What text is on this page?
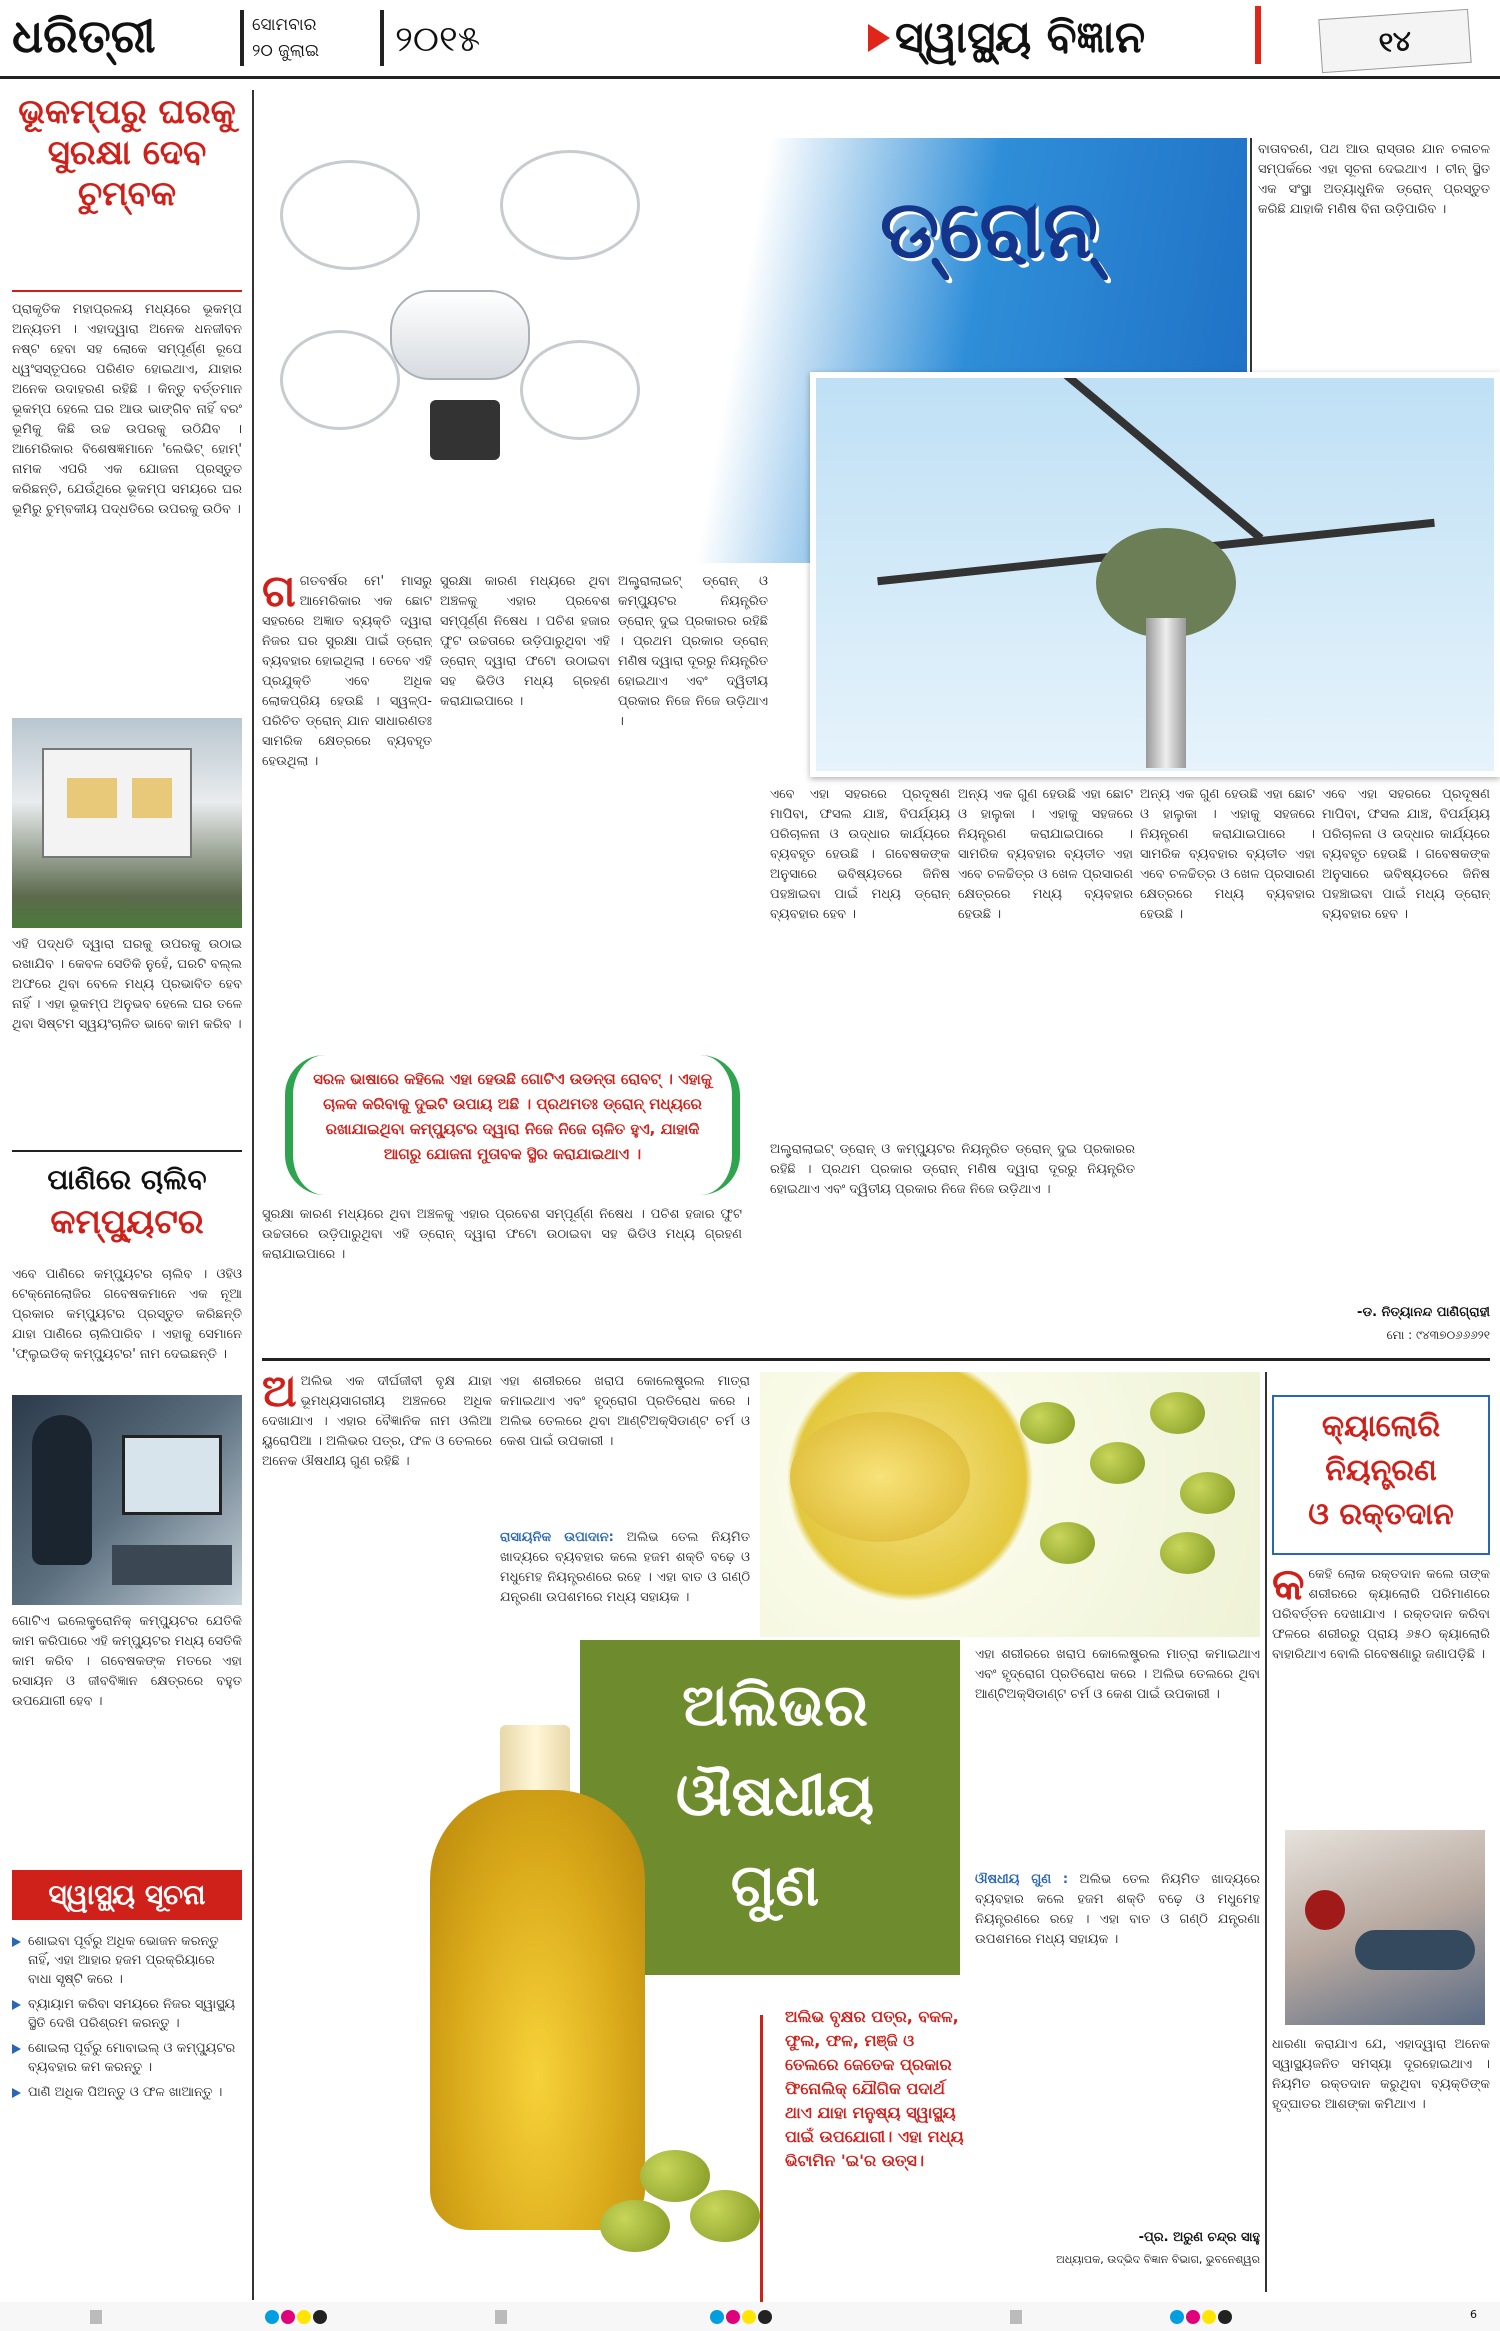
ଧରିତ୍ରୀ	ସୋମବାର
୨୦ ଜୁଲାଇ	୨୦୧୫	ସ୍ୱାସ୍ଥ୍ୟ ବିଜ୍ଞାନ	୧୪
ଭୂକମ୍ପରୁ ଘରକୁ ସୁରକ୍ଷା ଦେବ ଚୁମ୍ବକ

ପ୍ରାକୃତିକ ମହାପ୍ରଳୟ ମଧ୍ୟରେ ଭୂକମ୍ପ ଅନ୍ୟତମ । ଏହାଦ୍ୱାରା ଅନେକ ଧନଜୀବନ ନଷ୍ଟ ହେବା ସହ ଲୋକେ ସମ୍ପୂର୍ଣ୍ଣ ରୂପେ ଧ୍ୱଂସସ୍ତୂପରେ ପରିଣତ ହୋଇଥାଏ, ଯାହାର ଅନେକ ଉଦାହରଣ ରହିଛି । କିନ୍ତୁ ବର୍ତ୍ତମାନ ଭୂକମ୍ପ ହେଲେ ଘର ଆଉ ଭାଙ୍ଗିବ ନାହିଁ ବରଂ ଭୂମିକୁ କିଛି ଉଚ୍ଚ ଉପରକୁ ଉଠିଯିବ । ଆମେରିକାର ବିଶେଷଜ୍ଞମାନେ 'ଲେଭିଟ୍ ହୋମ୍' ନାମକ ଏପରି ଏକ ଯୋଜନା ପ୍ରସ୍ତୁତ କରିଛନ୍ତି, ଯେଉଁଥିରେ ଭୂକମ୍ପ ସମୟରେ ଘର ଭୂମିରୁ ଚୁମ୍ବକୀୟ ପଦ୍ଧତିରେ ଉପରକୁ ଉଠିବ ।

ଏହି ପଦ୍ଧତି ଦ୍ୱାରା ଘରକୁ ଉପରକୁ ଉଠାଇ ରଖାଯିବ । କେବଳ ସେତିକି ନୁହେଁ, ଘରଟି ବଲ୍ଲ ଅଫରେ ଥିବା ବେଳେ ମଧ୍ୟ ପ୍ରଭାବିତ ହେବ ନାହିଁ । ଏହା ଭୂକମ୍ପ ଅନୁଭବ ହେଲେ ଘର ତଳେ ଥିବା ସିଷ୍ଟମ ସ୍ୱୟଂଚାଳିତ ଭାବେ କାମ କରିବ ।

ପାଣିରେ ଚାଲିବ
କମ୍ପ୍ୟୁଟର

ଏବେ ପାଣିରେ କମ୍ପ୍ୟୁଟର ଚାଲିବ । ଓହିଓ ଟେକ୍ନୋଲୋଜିର ଗବେଷକମାନେ ଏକ ନୂଆ ପ୍ରକାର କମ୍ପ୍ୟୁଟର ପ୍ରସ୍ତୁତ କରିଛନ୍ତି ଯାହା ପାଣିରେ ଚାଲିପାରିବ । ଏହାକୁ ସେମାନେ 'ଫ୍ଲୁଇଡିକ୍ କମ୍ପ୍ୟୁଟର' ନାମ ଦେଇଛନ୍ତି ।

ଗୋଟିଏ ଇଲେକ୍ଟ୍ରୋନିକ୍ କମ୍ପ୍ୟୁଟର ଯେତିକି କାମ କରିପାରେ ଏହି କମ୍ପ୍ୟୁଟର ମଧ୍ୟ ସେତିକି କାମ କରିବ । ଗବେଷକଙ୍କ ମତରେ ଏହା ରସାୟନ ଓ ଜୀବବିଜ୍ଞାନ କ୍ଷେତ୍ରରେ ବହୁତ ଉପଯୋଗୀ ହେବ ।

ସ୍ୱାସ୍ଥ୍ୟ ସୂଚନା
ଶୋଇବା ପୂର୍ବରୁ ଅଧିକ ଭୋଜନ କରନ୍ତୁ ନାହିଁ, ଏହା ଆହାର ହଜମ ପ୍ରକ୍ରିୟାରେ ବାଧା ସୃଷ୍ଟି କରେ ।
ବ୍ୟାୟାମ କରିବା ସମୟରେ ନିଜର ସ୍ୱାସ୍ଥ୍ୟ ସ୍ଥିତି ଦେଖି ପରିଶ୍ରମ କରନ୍ତୁ ।
ଶୋଇଲା ପୂର୍ବରୁ ମୋବାଇଲ୍ ଓ କମ୍ପ୍ୟୁଟର ବ୍ୟବହାର କମ କରନ୍ତୁ ।
ପାଣି ଅଧିକ ପିଅନ୍ତୁ ଓ ଫଳ ଖାଆନ୍ତୁ ।
ଡ୍ରୋନ୍

ବାତାବରଣ, ପଥ ଆଉ ରାସ୍ତାର ଯାନ ଚଳାଚଳ ସମ୍ପର୍କରେ ଏହା ସୂଚନା ଦେଇଥାଏ । ଚୀନ୍ ସ୍ଥିତ ଏକ ସଂସ୍ଥା ଅତ୍ୟାଧୁନିକ ଡ୍ରୋନ୍ ପ୍ରସ୍ତୁତ କରିଛି ଯାହାକି ମଣିଷ ବିନା ଉଡ଼ିପାରିବ ।

ଗଗତବର୍ଷର ମେ' ମାସରୁ ଆମେରିକାର ଏକ ଛୋଟ ସହରରେ ଅଜ୍ଞାତ ବ୍ୟକ୍ତି ଦ୍ୱାରା ନିଜର ଘର ସୁରକ୍ଷା ପାଇଁ ଡ୍ରୋନ୍ ବ୍ୟବହାର ହୋଇଥିଲା । ତେବେ ଏହି ପ୍ରଯୁକ୍ତି ଏବେ ଅଧିକ ଲୋକପ୍ରିୟ ହେଉଛି । ସ୍ୱଳ୍ପ-ପରିଚିତ ଡ୍ରୋନ୍ ଯାନ ସାଧାରଣତଃ ସାମରିକ କ୍ଷେତ୍ରରେ ବ୍ୟବହୃତ ହେଉଥିଲା ।
ସୁରକ୍ଷା କାରଣ ମଧ୍ୟରେ ଥିବା ଅଞ୍ଚଳକୁ ଏହାର ପ୍ରବେଶ ସମ୍ପୂର୍ଣ୍ଣ ନିଷେଧ । ପଚିଶ ହଜାର ଫୁଟ ଉଚ୍ଚତାରେ ଉଡ଼ିପାରୁଥିବା ଏହି ଡ୍ରୋନ୍ ଦ୍ୱାରା ଫଟୋ ଉଠାଇବା ସହ ଭିଡିଓ ମଧ୍ୟ ଗ୍ରହଣ କରାଯାଇପାରେ ।
ଅଲ୍ଟ୍ରାଲାଇଟ୍ ଡ୍ରୋନ୍ ଓ କମ୍ପ୍ୟୁଟର ନିୟନ୍ତ୍ରିତ ଡ୍ରୋନ୍ ଦୁଇ ପ୍ରକାରର ରହିଛି । ପ୍ରଥମ ପ୍ରକାର ଡ୍ରୋନ୍ ମଣିଷ ଦ୍ୱାରା ଦୂରରୁ ନିୟନ୍ତ୍ରିତ ହୋଇଥାଏ ଏବଂ ଦ୍ୱିତୀୟ ପ୍ରକାର ନିଜେ ନିଜେ ଉଡ଼ିଥାଏ ।
ଏବେ ଏହା ସହରରେ ପ୍ରଦୂଷଣ ମାପିବା, ଫସଲ ଯାଞ୍ଚ, ବିପର୍ଯ୍ୟୟ ପରିଚାଳନା ଓ ଉଦ୍ଧାର କାର୍ଯ୍ୟରେ ବ୍ୟବହୃତ ହେଉଛି । ଗବେଷକଙ୍କ ଅନୁସାରେ ଭବିଷ୍ୟତରେ ଜିନିଷ ପହଞ୍ଚାଇବା ପାଇଁ ମଧ୍ୟ ଡ୍ରୋନ୍ ବ୍ୟବହାର ହେବ ।
ଅନ୍ୟ ଏକ ଗୁଣ ହେଉଛି ଏହା ଛୋଟ ଓ ହାଲୁକା । ଏହାକୁ ସହଜରେ ନିୟନ୍ତ୍ରଣ କରାଯାଇପାରେ । ସାମରିକ ବ୍ୟବହାର ବ୍ୟତୀତ ଏହା ଏବେ ଚଳଚ୍ଚିତ୍ର ଓ ଖେଳ ପ୍ରସାରଣ କ୍ଷେତ୍ରରେ ମଧ୍ୟ ବ୍ୟବହାର ହେଉଛି ।
ଅନ୍ୟ ଏକ ଗୁଣ ହେଉଛି ଏହା ଛୋଟ ଓ ହାଲୁକା । ଏହାକୁ ସହଜରେ ନିୟନ୍ତ୍ରଣ କରାଯାଇପାରେ । ସାମରିକ ବ୍ୟବହାର ବ୍ୟତୀତ ଏହା ଏବେ ଚଳଚ୍ଚିତ୍ର ଓ ଖେଳ ପ୍ରସାରଣ କ୍ଷେତ୍ରରେ ମଧ୍ୟ ବ୍ୟବହାର ହେଉଛି ।
ଏବେ ଏହା ସହରରେ ପ୍ରଦୂଷଣ ମାପିବା, ଫସଲ ଯାଞ୍ଚ, ବିପର୍ଯ୍ୟୟ ପରିଚାଳନା ଓ ଉଦ୍ଧାର କାର୍ଯ୍ୟରେ ବ୍ୟବହୃତ ହେଉଛି । ଗବେଷକଙ୍କ ଅନୁସାରେ ଭବିଷ୍ୟତରେ ଜିନିଷ ପହଞ୍ଚାଇବା ପାଇଁ ମଧ୍ୟ ଡ୍ରୋନ୍ ବ୍ୟବହାର ହେବ ।
ସରଳ ଭାଷାରେ କହିଲେ ଏହା ହେଉଛି ଗୋଟିଏ ଉଡନ୍ତା ରୋବଟ୍ । ଏହାକୁ ଚାଳକ କରିବାକୁ ଦୁଇଟି ଉପାୟ ଅଛି । ପ୍ରଥମତଃ ଡ୍ରୋନ୍ ମଧ୍ୟରେ ରଖାଯାଇଥିବା କମ୍ପ୍ୟୁଟର ଦ୍ୱାରା ନିଜେ ନିଜେ ଚାଳିତ ହୁଏ, ଯାହାକି ଆଗରୁ ଯୋଜନା ମୁତାବକ ସ୍ଥିର କରାଯାଇଥାଏ ।
ସୁରକ୍ଷା କାରଣ ମଧ୍ୟରେ ଥିବା ଅଞ୍ଚଳକୁ ଏହାର ପ୍ରବେଶ ସମ୍ପୂର୍ଣ୍ଣ ନିଷେଧ । ପଚିଶ ହଜାର ଫୁଟ ଉଚ୍ଚତାରେ ଉଡ଼ିପାରୁଥିବା ଏହି ଡ୍ରୋନ୍ ଦ୍ୱାରା ଫଟୋ ଉଠାଇବା ସହ ଭିଡିଓ ମଧ୍ୟ ଗ୍ରହଣ କରାଯାଇପାରେ ।
ଅଲ୍ଟ୍ରାଲାଇଟ୍ ଡ୍ରୋନ୍ ଓ କମ୍ପ୍ୟୁଟର ନିୟନ୍ତ୍ରିତ ଡ୍ରୋନ୍ ଦୁଇ ପ୍ରକାରର ରହିଛି । ପ୍ରଥମ ପ୍ରକାର ଡ୍ରୋନ୍ ମଣିଷ ଦ୍ୱାରା ଦୂରରୁ ନିୟନ୍ତ୍ରିତ ହୋଇଥାଏ ଏବଂ ଦ୍ୱିତୀୟ ପ୍ରକାର ନିଜେ ନିଜେ ଉଡ଼ିଥାଏ ।
-ଡ. ନିତ୍ୟାନନ୍ଦ ପାଣିଗ୍ରାହୀ
ମୋ : ୯୪୩୭୦୬୬୬୨୧
ଅଅଲିଭ ଏକ ଦୀର୍ଘଜୀବୀ ବୃକ୍ଷ ଯାହା ଭୂମଧ୍ୟସାଗରୀୟ ଅଞ୍ଚଳରେ ଅଧିକ ଦେଖାଯାଏ । ଏହାର ବୈଜ୍ଞାନିକ ନାମ ଓଲିଆ ୟୁରୋପିଆ । ଅଲିଭର ପତ୍ର, ଫଳ ଓ ତେଲରେ ଅନେକ ଔଷଧୀୟ ଗୁଣ ରହିଛି ।
ଏହା ଶରୀରରେ ଖରାପ କୋଲେଷ୍ଟ୍ରଲ ମାତ୍ରା କମାଇଥାଏ ଏବଂ ହୃଦ୍‌ରୋଗ ପ୍ରତିରୋଧ କରେ । ଅଲିଭ ତେଲରେ ଥିବା ଆଣ୍ଟିଅକ୍ସିଡାଣ୍ଟ ଚର୍ମ ଓ କେଶ ପାଇଁ ଉପକାରୀ ।
ରାସାୟନିକ ଉପାଦାନ: ଅଲିଭ ତେଲ ନିୟମିତ ଖାଦ୍ୟରେ ବ୍ୟବହାର କଲେ ହଜମ ଶକ୍ତି ବଢ଼େ ଓ ମଧୁମେହ ନିୟନ୍ତ୍ରଣରେ ରହେ । ଏହା ବାତ ଓ ଗଣ୍ଠି ଯନ୍ତ୍ରଣା ଉପଶମରେ ମଧ୍ୟ ସହାୟକ ।
ଅଲିଭର
ଔଷଧୀୟ
ଗୁଣ
ଅଲିଭ ବୃକ୍ଷର ପତ୍ର, ବକଳ, ଫୁଲ, ଫଳ, ମଞ୍ଜି ଓ ତେଲରେ ଜେତେକ ପ୍ରକାର ଫିନୋଲିକ୍ ଯୌଗିକ ପଦାର୍ଥ ଥାଏ ଯାହା ମନୁଷ୍ୟ ସ୍ୱାସ୍ଥ୍ୟ ପାଇଁ ଉପଯୋଗୀ। ଏହା ମଧ୍ୟ ଭିଟାମିନ 'ଇ'ର ଉତ୍ସ।
ଏହା ଶରୀରରେ ଖରାପ କୋଲେଷ୍ଟ୍ରଲ ମାତ୍ରା କମାଇଥାଏ ଏବଂ ହୃଦ୍‌ରୋଗ ପ୍ରତିରୋଧ କରେ । ଅଲିଭ ତେଲରେ ଥିବା ଆଣ୍ଟିଅକ୍ସିଡାଣ୍ଟ ଚର୍ମ ଓ କେଶ ପାଇଁ ଉପକାରୀ ।
ଔଷଧୀୟ ଗୁଣ : ଅଲିଭ ତେଲ ନିୟମିତ ଖାଦ୍ୟରେ ବ୍ୟବହାର କଲେ ହଜମ ଶକ୍ତି ବଢ଼େ ଓ ମଧୁମେହ ନିୟନ୍ତ୍ରଣରେ ରହେ । ଏହା ବାତ ଓ ଗଣ୍ଠି ଯନ୍ତ୍ରଣା ଉପଶମରେ ମଧ୍ୟ ସହାୟକ ।
-ପ୍ର. ଅରୁଣ ଚନ୍ଦ୍ର ସାହୁ
ଅଧ୍ୟାପକ, ଉଦ୍ଭିଦ ବିଜ୍ଞାନ ବିଭାଗ, ଭୁବନେଶ୍ୱର
କ୍ୟାଲୋରି
ନିୟନ୍ତ୍ରଣ
ଓ ରକ୍ତଦାନ
କକେହି ଲୋକ ରକ୍ତଦାନ କଲେ ତାଙ୍କ ଶରୀରରେ କ୍ୟାଲୋରି ପରିମାଣରେ ପରିବର୍ତ୍ତନ ଦେଖାଯାଏ । ରକ୍ତଦାନ କରିବା ଫଳରେ ଶରୀରରୁ ପ୍ରାୟ ୬୫୦ କ୍ୟାଲୋରି ବାହାରିଥାଏ ବୋଲି ଗବେଷଣାରୁ ଜଣାପଡ଼ିଛି ।
ଧାରଣା କରାଯାଏ ଯେ, ଏହାଦ୍ୱାରା ଅନେକ ସ୍ୱାସ୍ଥ୍ୟଜନିତ ସମସ୍ୟା ଦୂରହୋଇଥାଏ । ନିୟମିତ ରକ୍ତଦାନ କରୁଥିବା ବ୍ୟକ୍ତିଙ୍କ ହୃଦ୍‌ଘାତର ଆଶଙ୍କା କମିଥାଏ ।
6
